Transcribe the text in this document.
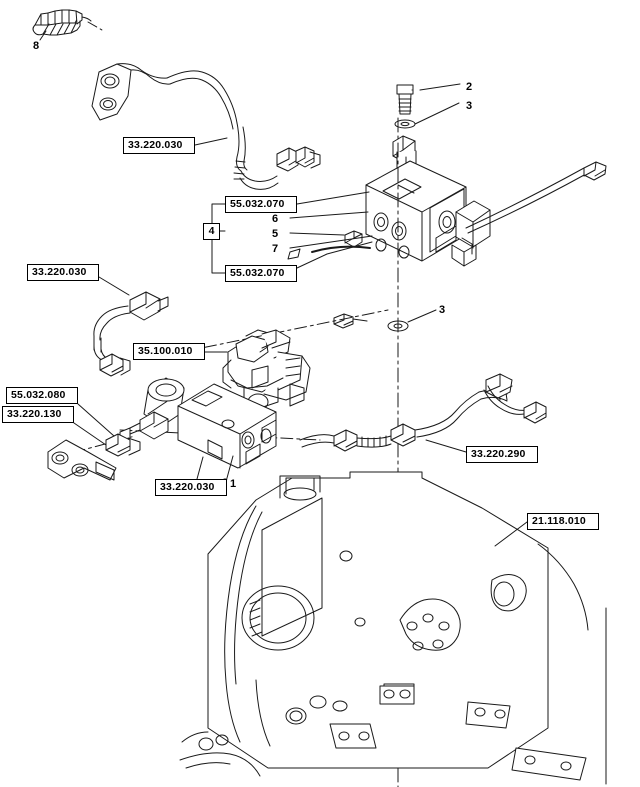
33.220.030
55.032.070
55.032.070
33.220.030
35.100.010
55.032.080
33.220.130
33.220.030
33.220.290
21.118.010
4
8
2
3
6
5
7
3
1
